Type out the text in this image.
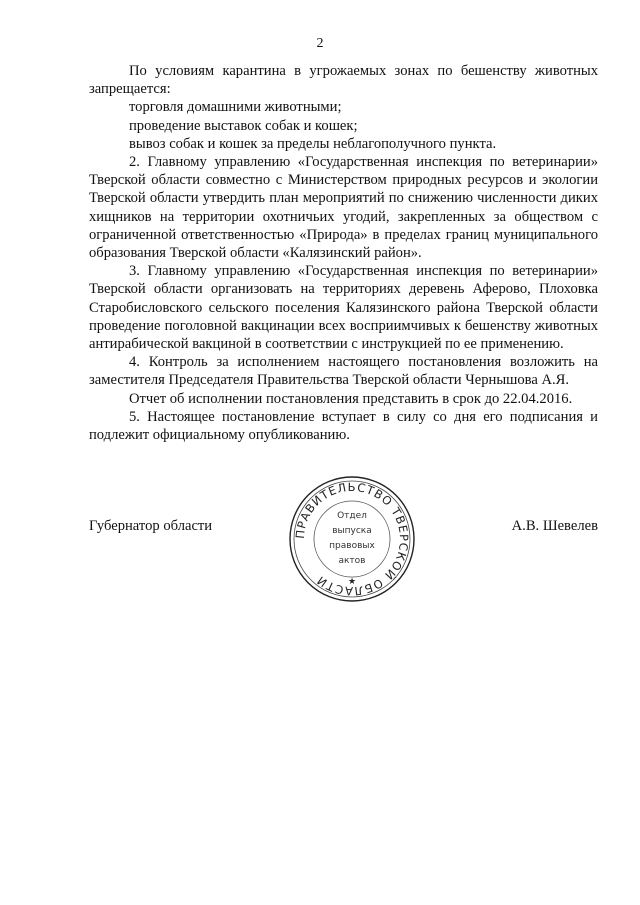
2

По условиям карантина в угрожаемых зонах по бешенству животных запрещается:

торговля домашними животными;

проведение выставок собак и кошек;

вывоз собак и кошек за пределы неблагополучного пункта.

2. Главному управлению «Государственная инспекция по ветеринарии» Тверской области совместно с Министерством природных ресурсов и экологии Тверской области утвердить план мероприятий по снижению численности диких хищников на территории охотничьих угодий, закрепленных за обществом с ограниченной ответственностью «Природа» в пределах границ муниципального образования Тверской области «Калязинский район».

3. Главному управлению «Государственная инспекция по ветеринарии» Тверской области организовать на территориях деревень Аферово, Плоховка Старобисловского сельского поселения Калязинского района Тверской области проведение поголовной вакцинации всех восприимчивых к бешенству животных антирабической вакциной в соответствии с инструкцией по ее применению.

4. Контроль за исполнением настоящего постановления возложить на заместителя Председателя Правительства Тверской области Чернышова А.Я.

Отчет об исполнении постановления представить в срок до 22.04.2016.

5. Настоящее постановление вступает в силу со дня его подписания и подлежит официальному опубликованию.

Губернатор области	А.В. Шевелев
ПРАВИТЕЛЬСТВО ТВЕРСКОЙ ОБЛАСТИ
Отдел
выпуска
правовых
актов
★
